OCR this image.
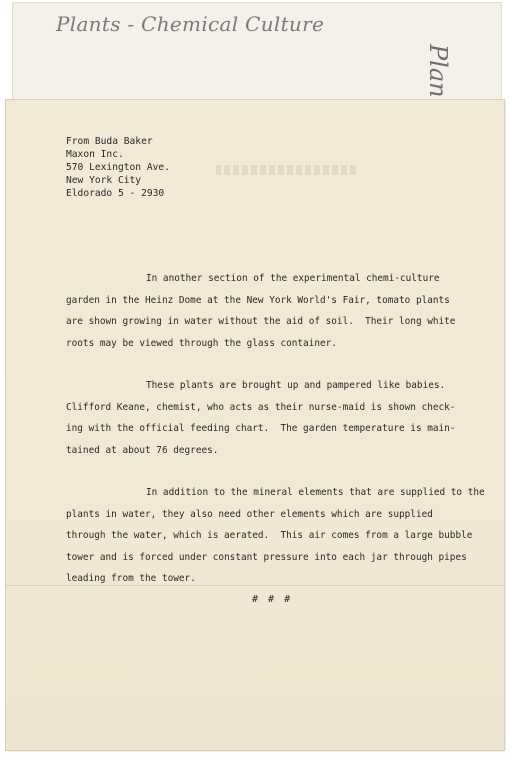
Plants - Chemical Culture
Plan
From Buda Baker
Maxon Inc.
570 Lexington Ave.
New York City
Eldorado 5 - 2930
In another section of the experimental chemi-culture
garden in the Heinz Dome at the New York World's Fair, tomato plants
are shown growing in water without the aid of soil.  Their long white
roots may be viewed through the glass container.
These plants are brought up and pampered like babies.
Clifford Keane, chemist, who acts as their nurse-maid is shown check-
ing with the official feeding chart.  The garden temperature is main-
tained at about 76 degrees.
In addition to the mineral elements that are supplied to the
plants in water, they also need other elements which are supplied
through the water, which is aerated.  This air comes from a large bubble
tower and is forced under constant pressure into each jar through pipes
leading from the tower.
# # #
